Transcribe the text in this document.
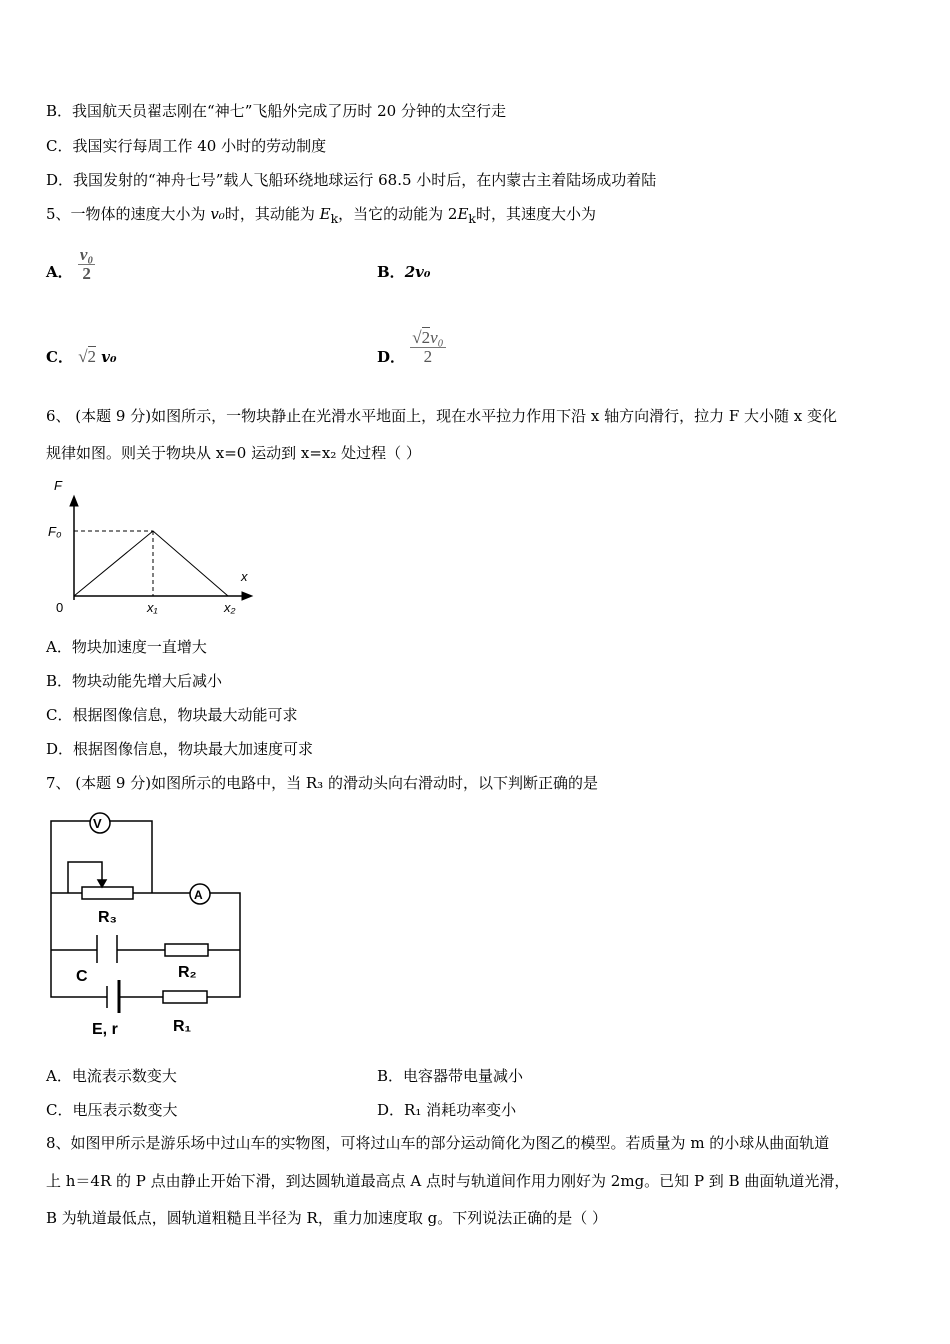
B．我国航天员翟志刚在“神七”飞船外完成了历时 20 分钟的太空行走
C．我国实行每周工作 40 小时的劳动制度
D．我国发射的“神舟七号”载人飞船环绕地球运行 68.5 小时后，在内蒙古主着陆场成功着陆
5、一物体的速度大小为 v₀时，其动能为 $E_k$，当它的动能为 $2E_k$时，其速度大小为
A． $\frac{\text{v₀}}{2}$	B．2v₀
C． √2 v₀	D． $\frac{\text{√2v₀}}{2}$
6、 (本题 9 分)如图所示，一物块静止在光滑水平地面上，现在水平拉力作用下沿 x 轴方向滑行，拉力 F 大小随 x 变化
规律如图。则关于物块从 x=0 运动到 x=x₂ 处过程（ ）
F
F₀
x
0	x₁	x₂
V
A
R₃
C	R₂
E, r	R₁
A．物块加速度一直增大
B．物块动能先增大后减小
C．根据图像信息，物块最大动能可求
D．根据图像信息，物块最大加速度可求
7、 (本题 9 分)如图所示的电路中，当 R₃ 的滑动头向右滑动时，以下判断正确的是
A．电流表示数变大	B．电容器带电量减小
C．电压表示数变大	D．R₁ 消耗功率变小
8、如图甲所示是游乐场中过山车的实物图，可将过山车的部分运动简化为图乙的模型。若质量为 m 的小球从曲面轨道
上 h＝4R 的 P 点由静止开始下滑，到达圆轨道最高点 A 点时与轨道间作用力刚好为 2mg。已知 P 到 B 曲面轨道光滑，
B 为轨道最低点，圆轨道粗糙且半径为 R，重力加速度取 g。下列说法正确的是（ ）
